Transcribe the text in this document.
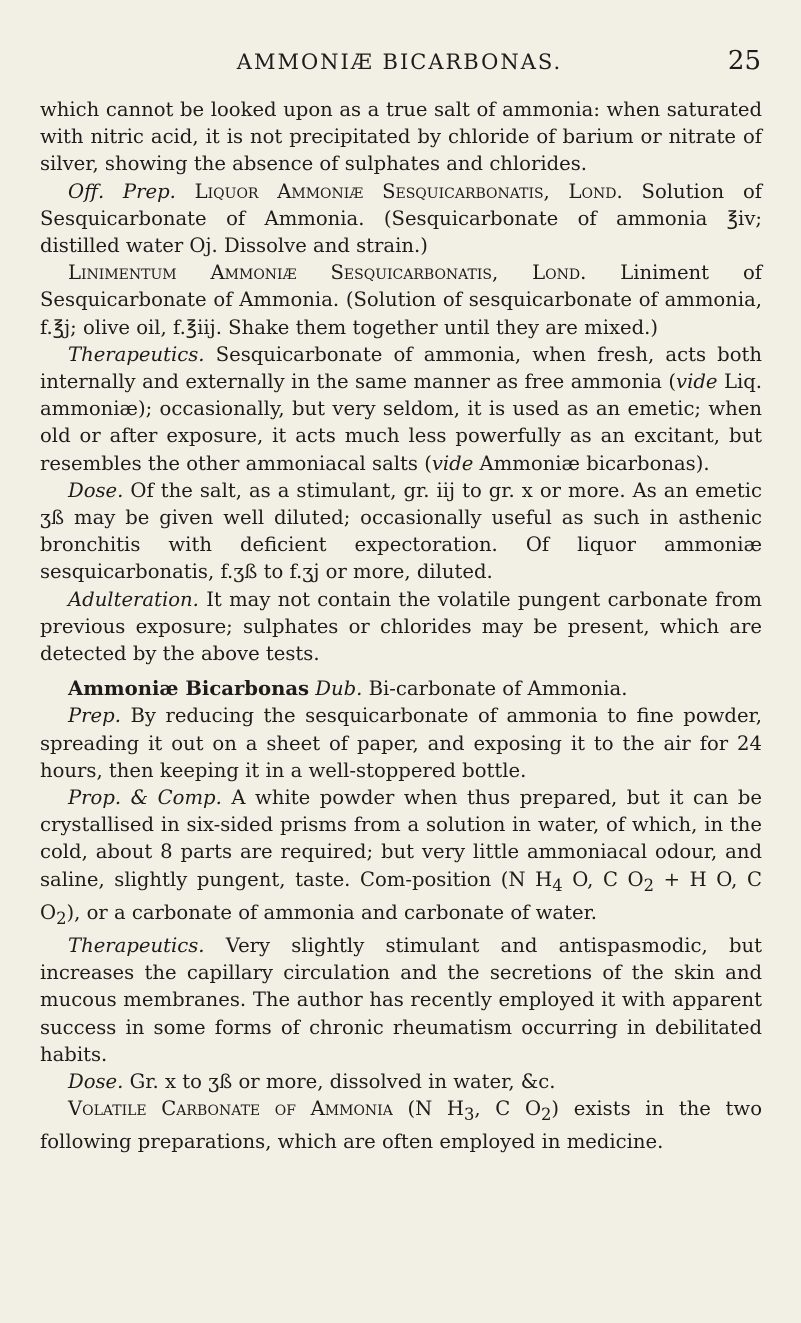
AMMONIÆ BICARBONAS.	25

which cannot be looked upon as a true salt of ammonia: when saturated with nitric acid, it is not precipitated by chloride of barium or nitrate of silver, showing the absence of sulphates and chlorides.

Off. Prep. Liquor Ammoniæ Sesquicarbonatis, Lond. Solution of Sesquicarbonate of Ammonia. (Sesquicarbonate of ammonia ℥iv; distilled water Oj. Dissolve and strain.)

Linimentum Ammoniæ Sesquicarbonatis, Lond. Liniment of Sesquicarbonate of Ammonia. (Solution of sesquicarbonate of ammonia, f.℥j; olive oil, f.℥iij. Shake them together until they are mixed.)

Therapeutics. Sesquicarbonate of ammonia, when fresh, acts both internally and externally in the same manner as free ammonia (vide Liq. ammoniæ); occasionally, but very seldom, it is used as an emetic; when old or after exposure, it acts much less powerfully as an excitant, but resembles the other ammoniacal salts (vide Ammoniæ bicarbonas).

Dose. Of the salt, as a stimulant, gr. iij to gr. x or more. As an emetic ʒß may be given well diluted; occasionally useful as such in asthenic bronchitis with deficient expectoration. Of liquor ammoniæ sesquicarbonatis, f.ʒß to f.ʒj or more, diluted.

Adulteration. It may not contain the volatile pungent carbonate from previous exposure; sulphates or chlorides may be present, which are detected by the above tests.

Ammoniæ Bicarbonas Dub. Bi-carbonate of Ammonia.

Prep. By reducing the sesquicarbonate of ammonia to fine powder, spreading it out on a sheet of paper, and exposing it to the air for 24 hours, then keeping it in a well-stoppered bottle.

Prop. & Comp. A white powder when thus prepared, but it can be crystallised in six-sided prisms from a solution in water, of which, in the cold, about 8 parts are required; but very little ammoniacal odour, and saline, slightly pungent, taste. Com-position (N $H_4$ O, C $O_2 + H$ O, C $O_2$), or a carbonate of ammonia and carbonate of water.

Therapeutics. Very slightly stimulant and antispasmodic, but increases the capillary circulation and the secretions of the skin and mucous membranes. The author has recently employed it with apparent success in some forms of chronic rheumatism occurring in debilitated habits.

Dose. Gr. x to ʒß or more, dissolved in water, &c.

Volatile Carbonate of Ammonia (N $H_3$, C $O_2$) exists in the two following preparations, which are often employed in medicine.
